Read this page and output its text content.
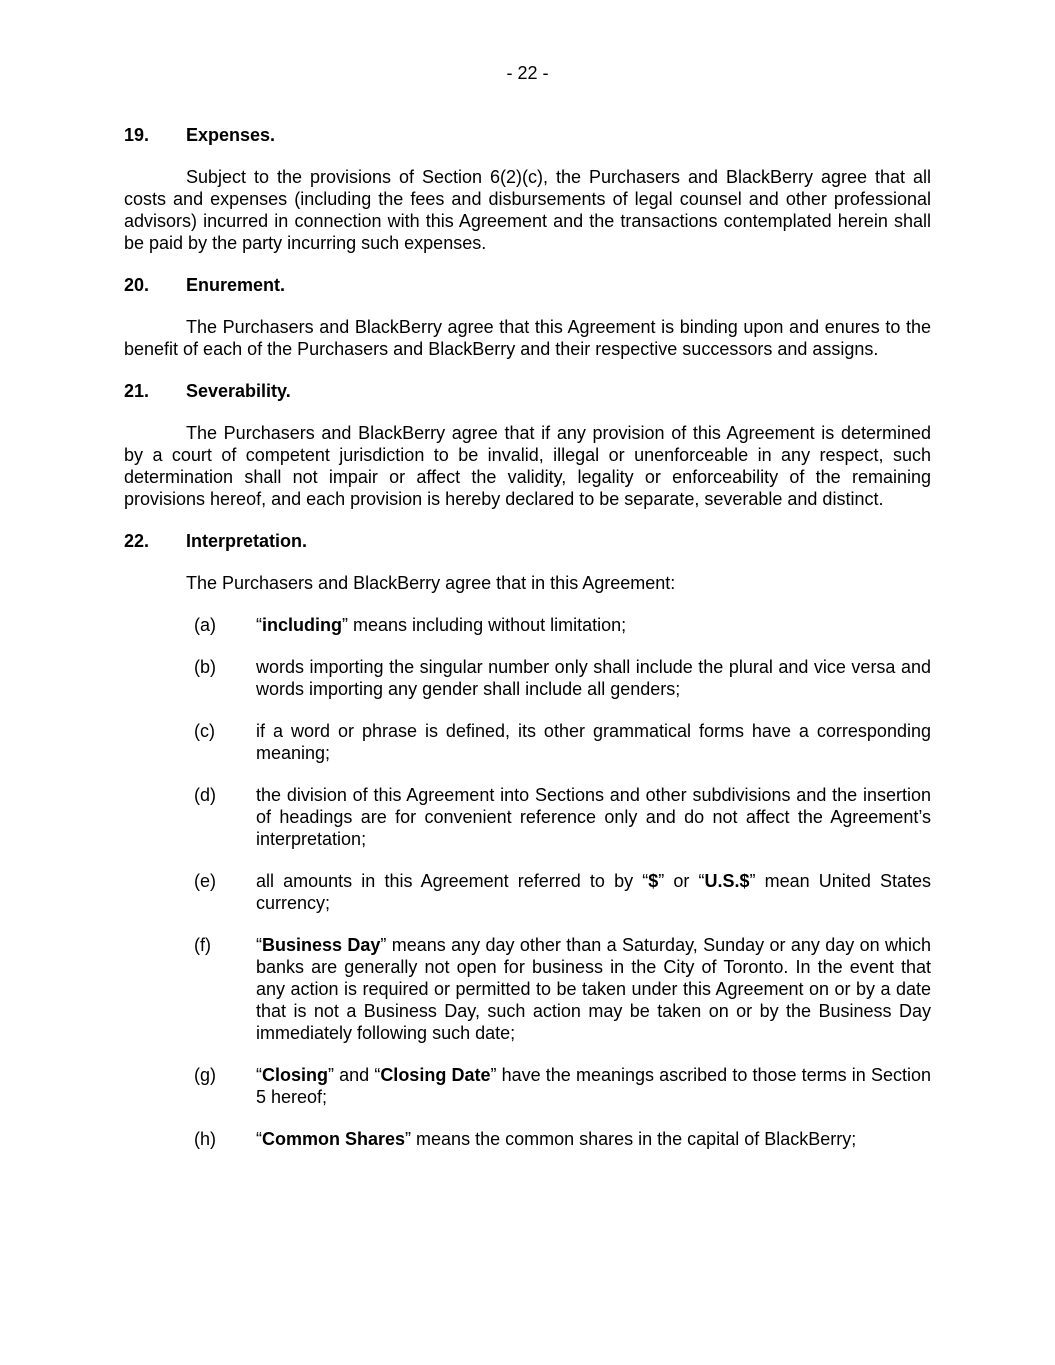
- 22 -

19.	Expenses.

Subject to the provisions of Section 6(2)(c), the Purchasers and BlackBerry agree that all costs and expenses (including the fees and disbursements of legal counsel and other professional advisors) incurred in connection with this Agreement and the transactions contemplated herein shall be paid by the party incurring such expenses.

20.	Enurement.

The Purchasers and BlackBerry agree that this Agreement is binding upon and enures to the benefit of each of the Purchasers and BlackBerry and their respective successors and assigns.

21.	Severability.

The Purchasers and BlackBerry agree that if any provision of this Agreement is determined by a court of competent jurisdiction to be invalid, illegal or unenforceable in any respect, such determination shall not impair or affect the validity, legality or enforceability of the remaining provisions hereof, and each provision is hereby declared to be separate, severable and distinct.

22.	Interpretation.

The Purchasers and BlackBerry agree that in this Agreement:

(a)	“including” means including without limitation;
(b)	words importing the singular number only shall include the plural and vice versa and words importing any gender shall include all genders;
(c)	if a word or phrase is defined, its other grammatical forms have a corresponding meaning;
(d)	the division of this Agreement into Sections and other subdivisions and the insertion of headings are for convenient reference only and do not affect the Agreement’s interpretation;
(e)	all amounts in this Agreement referred to by “$” or “U.S.$” mean United States currency;
(f)	“Business Day” means any day other than a Saturday, Sunday or any day on which banks are generally not open for business in the City of Toronto. In the event that any action is required or permitted to be taken under this Agreement on or by a date that is not a Business Day, such action may be taken on or by the Business Day immediately following such date;
(g)	“Closing” and “Closing Date” have the meanings ascribed to those terms in Section 5 hereof;
(h)	“Common Shares” means the common shares in the capital of BlackBerry;
